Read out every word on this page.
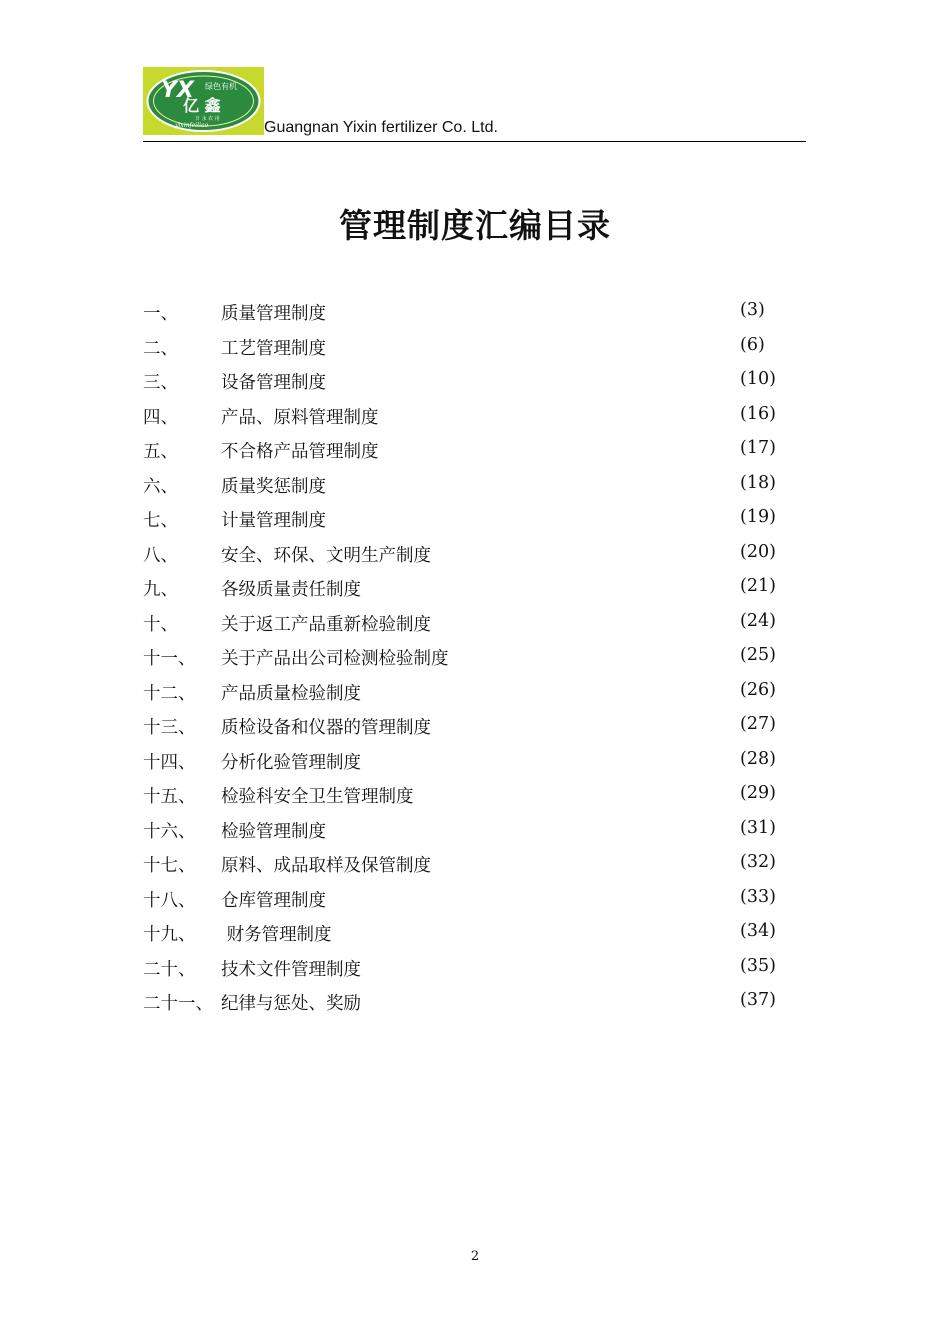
YX 绿色有机
亿 鑫
日 永 农 用
yixinfeiliao	Guangnan Yixin fertilizer Co. Ltd.
管理制度汇编目录
一、 质量管理制度	(3)
二、 工艺管理制度	(6)
三、 设备管理制度	(10)
四、 产品、原料管理制度	(16)
五、 不合格产品管理制度	(17)
六、 质量奖惩制度	(18)
七、 计量管理制度	(19)
八、 安全、环保、文明生产制度	(20)
九、 各级质量责任制度	(21)
十、 关于返工产品重新检验制度	(24)
十一、 关于产品出公司检测检验制度	(25)
十二、 产品质量检验制度	(26)
十三、 质检设备和仪器的管理制度	(27)
十四、 分析化验管理制度	(28)
十五、 检验科安全卫生管理制度	(29)
十六、 检验管理制度	(31)
十七、 原料、成品取样及保管制度	(32)
十八、 仓库管理制度	(33)
十九、 财务管理制度	(34)
二十、 技术文件管理制度	(35)
二十一、 纪律与惩处、奖励	(37)
2
